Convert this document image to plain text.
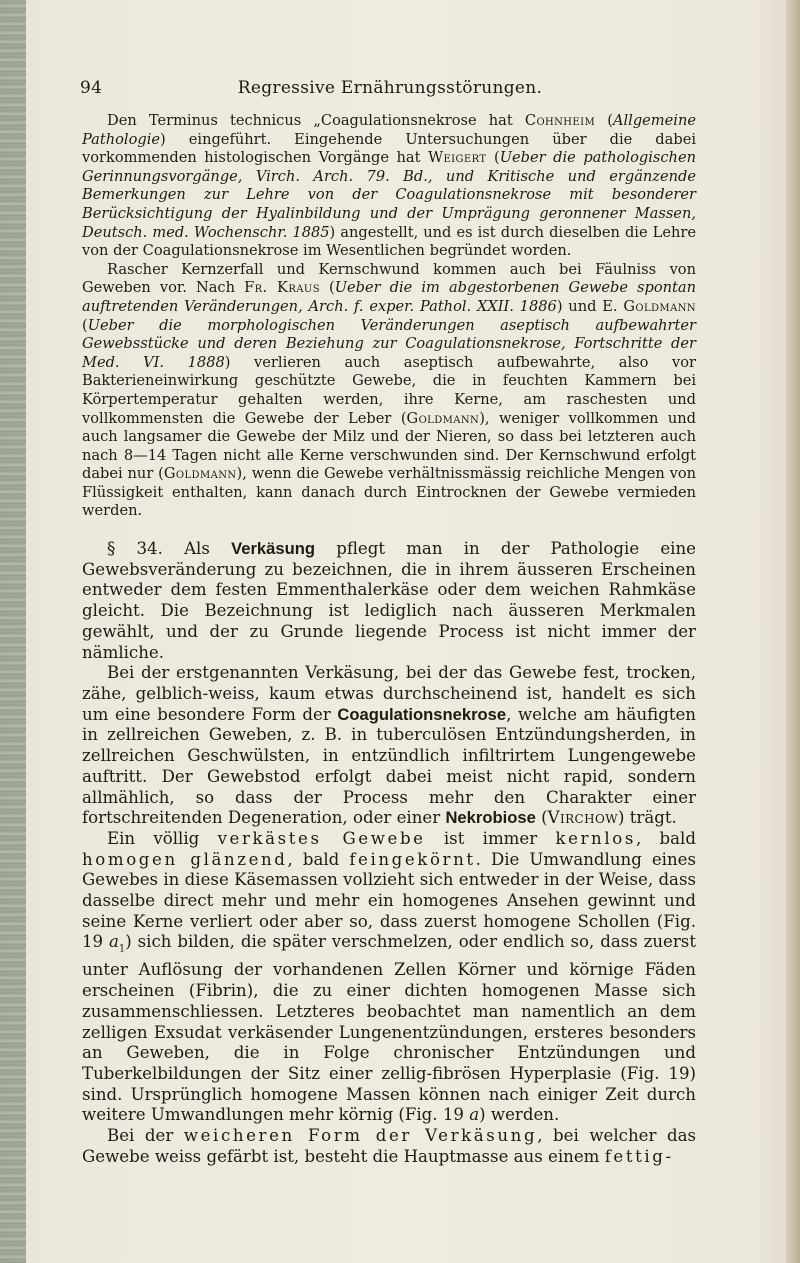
94	Regressive Ernährungsstörungen.

Den Terminus technicus „Coagulationsnekrose hat Cohnheim (Allgemeine Pathologie) eingeführt. Eingehende Untersuchungen über die dabei vorkommenden histologischen Vorgänge hat Weigert (Ueber die pathologischen Gerinnungsvorgänge, Virch. Arch. 79. Bd., und Kritische und ergänzende Bemerkungen zur Lehre von der Coagulationsnekrose mit besonderer Berücksichtigung der Hyalinbildung und der Umprägung geronnener Massen, Deutsch. med. Wochenschr. 1885) angestellt, und es ist durch dieselben die Lehre von der Coagulationsnekrose im Wesentlichen begründet worden.

Rascher Kernzerfall und Kernschwund kommen auch bei Fäulniss von Geweben vor. Nach Fr. Kraus (Ueber die im abgestorbenen Gewebe spontan auftretenden Veränderungen, Arch. f. exper. Pathol. XXII. 1886) und E. Goldmann (Ueber die morphologischen Veränderungen aseptisch aufbewahrter Gewebsstücke und deren Beziehung zur Coagulationsnekrose, Fortschritte der Med. VI. 1888) verlieren auch aseptisch aufbewahrte, also vor Bakterieneinwirkung geschützte Gewebe, die in feuchten Kammern bei Körpertemperatur gehalten werden, ihre Kerne, am raschesten und vollkommensten die Gewebe der Leber (Goldmann), weniger vollkommen und auch langsamer die Gewebe der Milz und der Nieren, so dass bei letzteren auch nach 8—14 Tagen nicht alle Kerne verschwunden sind. Der Kernschwund erfolgt dabei nur (Goldmann), wenn die Gewebe verhältnissmässig reichliche Mengen von Flüssigkeit enthalten, kann danach durch Eintrocknen der Gewebe vermieden werden.

§ 34. Als Verkäsung pflegt man in der Pathologie eine Gewebsveränderung zu bezeichnen, die in ihrem äusseren Erscheinen entweder dem festen Emmenthalerkäse oder dem weichen Rahmkäse gleicht. Die Bezeichnung ist lediglich nach äusseren Merkmalen gewählt, und der zu Grunde liegende Process ist nicht immer der nämliche.

Bei der erstgenannten Verkäsung, bei der das Gewebe fest, trocken, zähe, gelblich-weiss, kaum etwas durchscheinend ist, handelt es sich um eine besondere Form der Coagulationsnekrose, welche am häufigten in zellreichen Geweben, z. B. in tuberculösen Entzündungsherden, in zellreichen Geschwülsten, in entzündlich infiltrirtem Lungengewebe auftritt. Der Gewebstod erfolgt dabei meist nicht rapid, sondern allmählich, so dass der Process mehr den Charakter einer fortschreitenden Degeneration, oder einer Nekrobiose (Virchow) trägt.

Ein völlig verkästes Gewebe ist immer kernlos, bald homogen glänzend, bald feingekörnt. Die Umwandlung eines Gewebes in diese Käsemassen vollzieht sich entweder in der Weise, dass dasselbe direct mehr und mehr ein homogenes Ansehen gewinnt und seine Kerne verliert oder aber so, dass zuerst homogene Schollen (Fig. 19 $a_1$) sich bilden, die später verschmelzen, oder endlich so, dass zuerst unter Auflösung der vorhandenen Zellen Körner und körnige Fäden erscheinen (Fibrin), die zu einer dichten homogenen Masse sich zusammenschliessen. Letzteres beobachtet man namentlich an dem zelligen Exsudat verkäsender Lungenentzündungen, ersteres besonders an Geweben, die in Folge chronischer Entzündungen und Tuberkelbildungen der Sitz einer zellig-fibrösen Hyperplasie (Fig. 19) sind. Ursprünglich homogene Massen können nach einiger Zeit durch weitere Umwandlungen mehr körnig (Fig. 19 a) werden.

Bei der weicheren Form der Verkäsung, bei welcher das Gewebe weiss gefärbt ist, besteht die Hauptmasse aus einem fettig-
